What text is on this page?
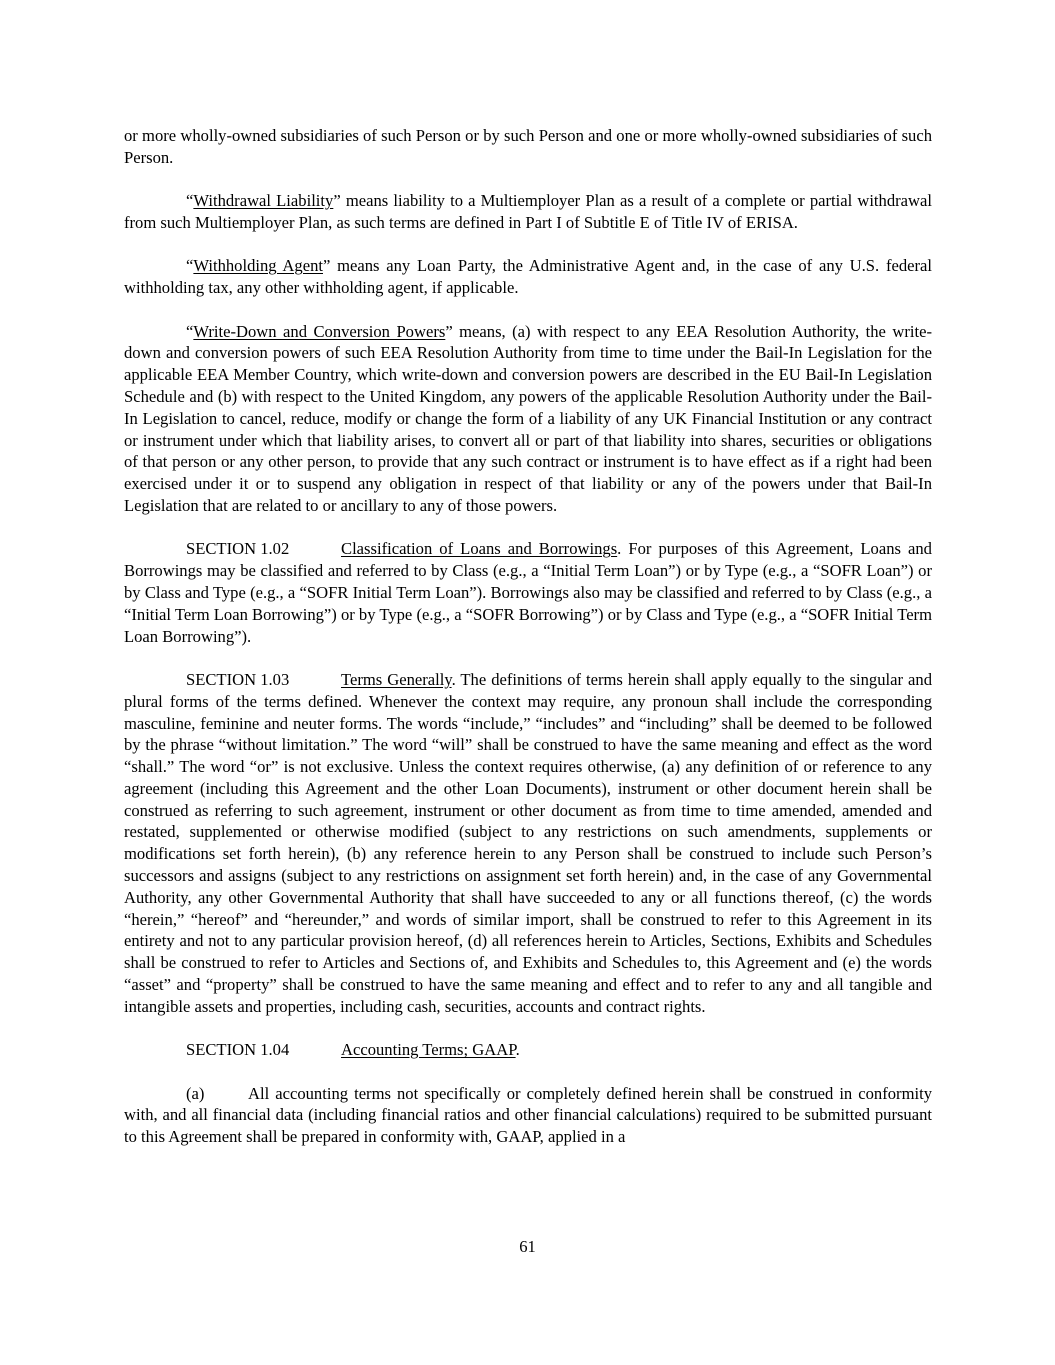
or more wholly-owned subsidiaries of such Person or by such Person and one or more wholly-owned subsidiaries of such Person.

“Withdrawal Liability” means liability to a Multiemployer Plan as a result of a complete or partial withdrawal from such Multiemployer Plan, as such terms are defined in Part I of Subtitle E of Title IV of ERISA.

“Withholding Agent” means any Loan Party, the Administrative Agent and, in the case of any U.S. federal withholding tax, any other withholding agent, if applicable.

“Write-Down and Conversion Powers” means, (a) with respect to any EEA Resolution Authority, the write-down and conversion powers of such EEA Resolution Authority from time to time under the Bail-In Legislation for the applicable EEA Member Country, which write-down and conversion powers are described in the EU Bail-In Legislation Schedule and (b) with respect to the United Kingdom, any powers of the applicable Resolution Authority under the Bail-In Legislation to cancel, reduce, modify or change the form of a liability of any UK Financial Institution or any contract or instrument under which that liability arises, to convert all or part of that liability into shares, securities or obligations of that person or any other person, to provide that any such contract or instrument is to have effect as if a right had been exercised under it or to suspend any obligation in respect of that liability or any of the powers under that Bail-In Legislation that are related to or ancillary to any of those powers.

SECTION 1.02	Classification of Loans and Borrowings. For purposes of this Agreement, Loans and Borrowings may be classified and referred to by Class (e.g., a “Initial Term Loan”) or by Type (e.g., a “SOFR Loan”) or by Class and Type (e.g., a “SOFR Initial Term Loan”). Borrowings also may be classified and referred to by Class (e.g., a “Initial Term Loan Borrowing”) or by Type (e.g., a “SOFR Borrowing”) or by Class and Type (e.g., a “SOFR Initial Term Loan Borrowing”).

SECTION 1.03	Terms Generally. The definitions of terms herein shall apply equally to the singular and plural forms of the terms defined. Whenever the context may require, any pronoun shall include the corresponding masculine, feminine and neuter forms. The words “include,” “includes” and “including” shall be deemed to be followed by the phrase “without limitation.” The word “will” shall be construed to have the same meaning and effect as the word “shall.” The word “or” is not exclusive. Unless the context requires otherwise, (a) any definition of or reference to any agreement (including this Agreement and the other Loan Documents), instrument or other document herein shall be construed as referring to such agreement, instrument or other document as from time to time amended, amended and restated, supplemented or otherwise modified (subject to any restrictions on such amendments, supplements or modifications set forth herein), (b) any reference herein to any Person shall be construed to include such Person’s successors and assigns (subject to any restrictions on assignment set forth herein) and, in the case of any Governmental Authority, any other Governmental Authority that shall have succeeded to any or all functions thereof, (c) the words “herein,” “hereof” and “hereunder,” and words of similar import, shall be construed to refer to this Agreement in its entirety and not to any particular provision hereof, (d) all references herein to Articles, Sections, Exhibits and Schedules shall be construed to refer to Articles and Sections of, and Exhibits and Schedules to, this Agreement and (e) the words “asset” and “property” shall be construed to have the same meaning and effect and to refer to any and all tangible and intangible assets and properties, including cash, securities, accounts and contract rights.

SECTION 1.04	Accounting Terms; GAAP.

(a)	All accounting terms not specifically or completely defined herein shall be construed in conformity with, and all financial data (including financial ratios and other financial calculations) required to be submitted pursuant to this Agreement shall be prepared in conformity with, GAAP, applied in a

61
